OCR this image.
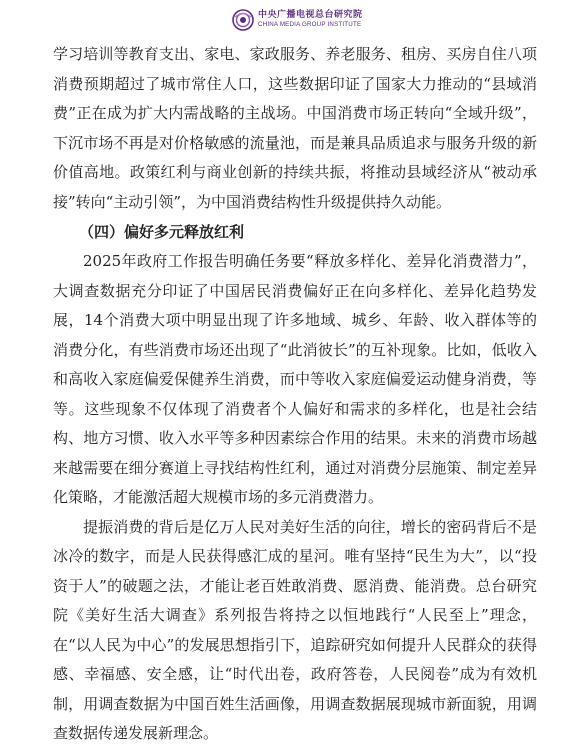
中央广播电视总台研究院
CHINA MEDIA GROUP INSTITUTE

学习培训等教育支出、家电、家政服务、养老服务、租房、买房自住八项消费预期超过了城市常住人口，这些数据印证了国家大力推动的“县域消费”正在成为扩大内需战略的主战场。中国消费市场正转向“全域升级”，下沉市场不再是对价格敏感的流量池，而是兼具品质追求与服务升级的新价值高地。政策红利与商业创新的持续共振，将推动县域经济从“被动承接”转向“主动引领”，为中国消费结构性升级提供持久动能。

（四）偏好多元释放红利

2025年政府工作报告明确任务要“释放多样化、差异化消费潜力”，大调查数据充分印证了中国居民消费偏好正在向多样化、差异化趋势发展，14个消费大项中明显出现了许多地域、城乡、年龄、收入群体等的消费分化，有些消费市场还出现了“此消彼长”的互补现象。比如，低收入和高收入家庭偏爱保健养生消费，而中等收入家庭偏爱运动健身消费，等等。这些现象不仅体现了消费者个人偏好和需求的多样化，也是社会结构、地方习惯、收入水平等多种因素综合作用的结果。未来的消费市场越来越需要在细分赛道上寻找结构性红利，通过对消费分层施策、制定差异化策略，才能激活超大规模市场的多元消费潜力。

提振消费的背后是亿万人民对美好生活的向往，增长的密码背后不是冰冷的数字，而是人民获得感汇成的星河。唯有坚持“民生为大”，以“投资于人”的破题之法，才能让老百姓敢消费、愿消费、能消费。总台研究院《美好生活大调查》系列报告将持之以恒地践行“人民至上”理念，在“以人民为中心”的发展思想指引下，追踪研究如何提升人民群众的获得感、幸福感、安全感，让“时代出卷，政府答卷，人民阅卷”成为有效机制，用调查数据为中国百姓生活画像，用调查数据展现城市新面貌，用调查数据传递发展新理念。
